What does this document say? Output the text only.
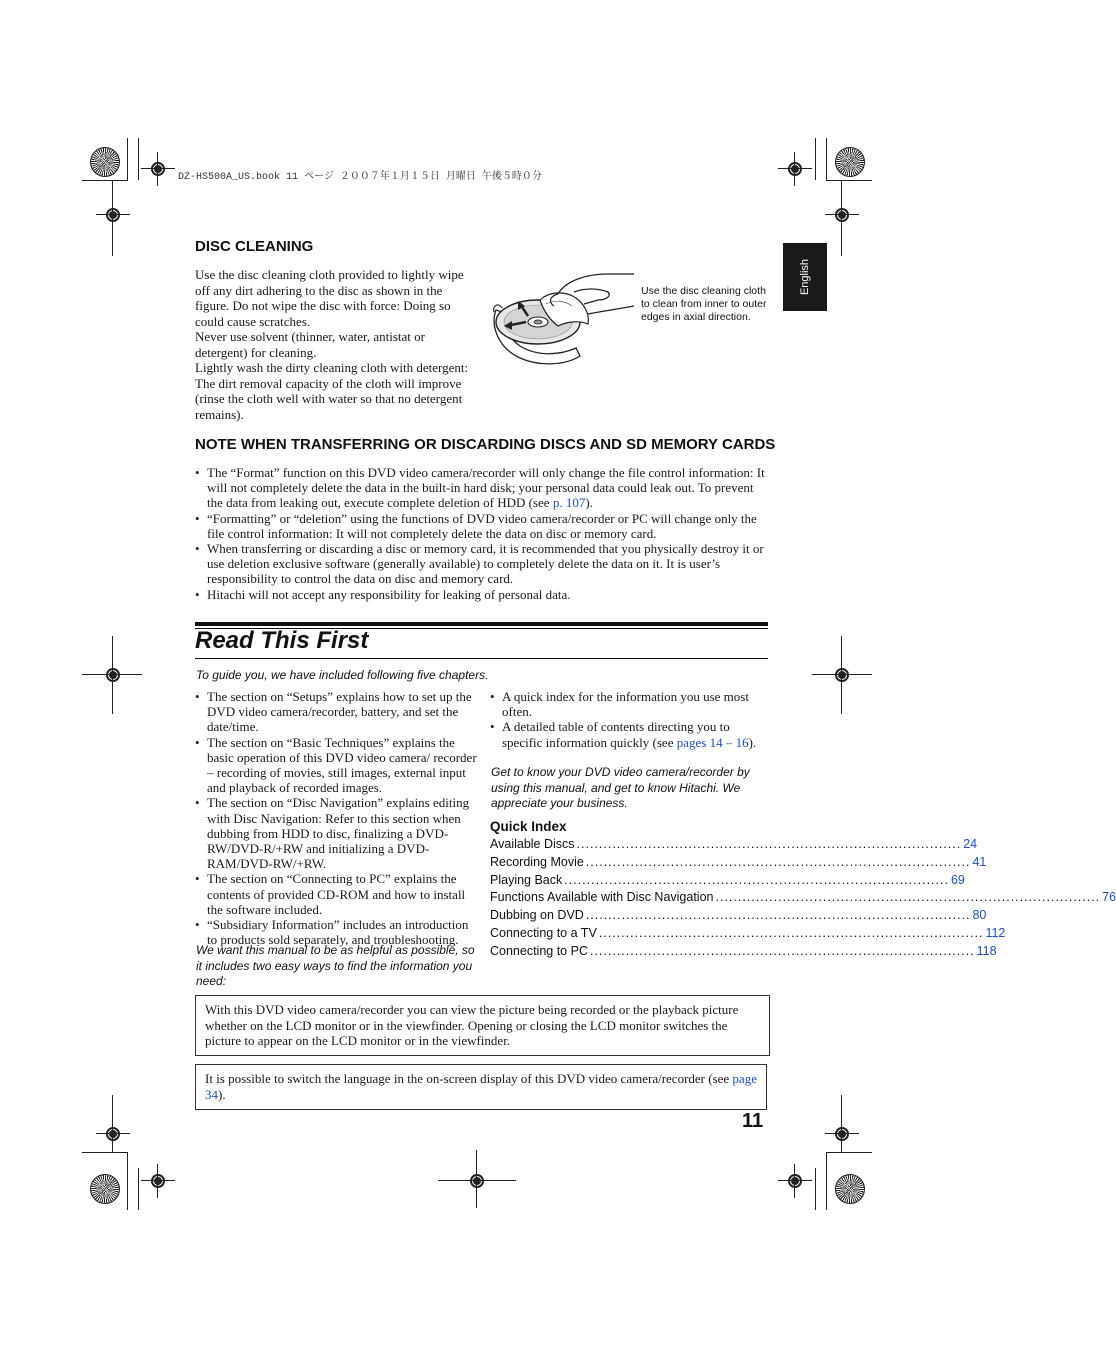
DZ-HS500A_US.book 11 ページ ２００７年１月１５日 月曜日 午後５時０分
English
DISC CLEANING

Use the disc cleaning cloth provided to lightly wipe off any dirt adhering to the disc as shown in the figure. Do not wipe the disc with force: Doing so could cause scratches.

Never use solvent (thinner, water, antistat or detergent) for cleaning.

Lightly wash the dirty cleaning cloth with detergent: The dirt removal capacity of the cloth will improve (rinse the cloth well with water so that no detergent remains).

Use the disc cleaning cloth to clean from inner to outer edges in axial direction.
NOTE WHEN TRANSFERRING OR DISCARDING DISCS AND SD MEMORY CARDS
• The “Format” function on this DVD video camera/recorder will only change the file control information: It will not completely delete the data in the built-in hard disk; your personal data could leak out. To prevent the data from leaking out, execute complete deletion of HDD (see p. 107).
• “Formatting” or “deletion” using the functions of DVD video camera/recorder or PC will change only the file control information: It will not completely delete the data on disc or memory card.
• When transferring or discarding a disc or memory card, it is recommended that you physically destroy it or use deletion exclusive software (generally available) to completely delete the data on it. It is user’s responsibility to control the data on disc and memory card.
• Hitachi will not accept any responsibility for leaking of personal data.
Read This First
To guide you, we have included following five chapters.
• The section on “Setups” explains how to set up the DVD video camera/recorder, battery, and set the date/time.
• The section on “Basic Techniques” explains the basic operation of this DVD video camera/ recorder – recording of movies, still images, external input and playback of recorded images.
• The section on “Disc Navigation” explains editing with Disc Navigation: Refer to this section when dubbing from HDD to disc, finalizing a DVD-RW/DVD-R/+RW and initializing a DVD-RAM/DVD-RW/+RW.
• The section on “Connecting to PC” explains the contents of provided CD-ROM and how to install the software included.
• “Subsidiary Information” includes an introduction to products sold separately, and troubleshooting.
We want this manual to be as helpful as possible, so it includes two easy ways to find the information you need:
• A quick index for the information you use most often.
• A detailed table of contents directing you to specific information quickly (see pages 14 – 16).
Get to know your DVD video camera/recorder by using this manual, and get to know Hitachi. We appreciate your business.
Quick Index
Available Discs ...................................................................................... 24
Recording Movie ...................................................................................... 41
Playing Back ...................................................................................... 69
Functions Available with Disc Navigation ...................................................................................... 76
Dubbing on DVD ...................................................................................... 80
Connecting to a TV ...................................................................................... 112
Connecting to PC ...................................................................................... 118
With this DVD video camera/recorder you can view the picture being recorded or the playback picture whether on the LCD monitor or in the viewfinder. Opening or closing the LCD monitor switches the picture to appear on the LCD monitor or in the viewfinder.
It is possible to switch the language in the on-screen display of this DVD video camera/recorder (see page 34).
11
